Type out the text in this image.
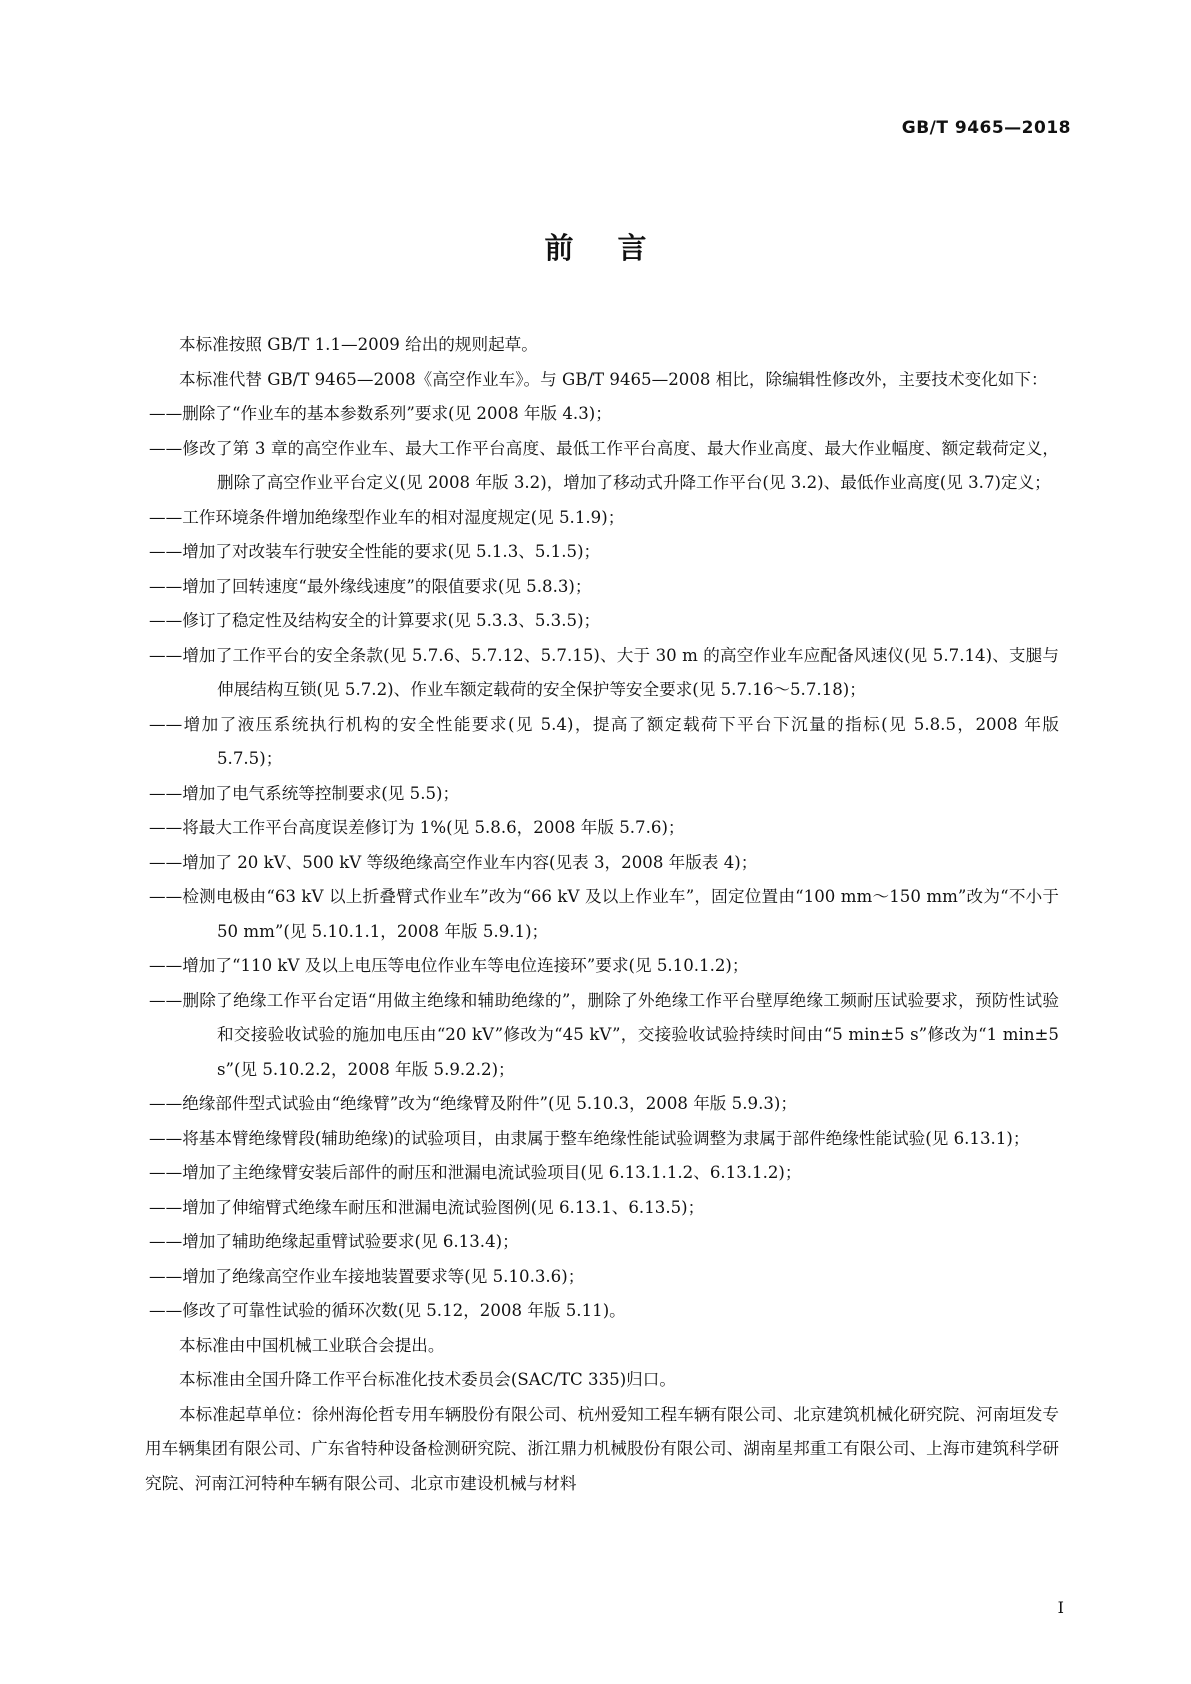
GB/T 9465—2018
前言

本标准按照 GB/T 1.1—2009 给出的规则起草。

本标准代替 GB/T 9465—2008《高空作业车》。与 GB/T 9465—2008 相比，除编辑性修改外，主要技术变化如下：

——删除了“作业车的基本参数系列”要求(见 2008 年版 4.3)；

——修改了第 3 章的高空作业车、最大工作平台高度、最低工作平台高度、最大作业高度、最大作业幅度、额定载荷定义，删除了高空作业平台定义(见 2008 年版 3.2)，增加了移动式升降工作平台(见 3.2)、最低作业高度(见 3.7)定义；

——工作环境条件增加绝缘型作业车的相对湿度规定(见 5.1.9)；

——增加了对改装车行驶安全性能的要求(见 5.1.3、5.1.5)；

——增加了回转速度“最外缘线速度”的限值要求(见 5.8.3)；

——修订了稳定性及结构安全的计算要求(见 5.3.3、5.3.5)；

——增加了工作平台的安全条款(见 5.7.6、5.7.12、5.7.15)、大于 30 m 的高空作业车应配备风速仪(见 5.7.14)、支腿与伸展结构互锁(见 5.7.2)、作业车额定载荷的安全保护等安全要求(见 5.7.16～5.7.18)；

——增加了液压系统执行机构的安全性能要求(见 5.4)，提高了额定载荷下平台下沉量的指标(见 5.8.5，2008 年版 5.7.5)；

——增加了电气系统等控制要求(见 5.5)；

——将最大工作平台高度误差修订为 1%(见 5.8.6，2008 年版 5.7.6)；

——增加了 20 kV、500 kV 等级绝缘高空作业车内容(见表 3，2008 年版表 4)；

——检测电极由“63 kV 以上折叠臂式作业车”改为“66 kV 及以上作业车”，固定位置由“100 mm～150 mm”改为“不小于 50 mm”(见 5.10.1.1，2008 年版 5.9.1)；

——增加了“110 kV 及以上电压等电位作业车等电位连接环”要求(见 5.10.1.2)；

——删除了绝缘工作平台定语“用做主绝缘和辅助绝缘的”，删除了外绝缘工作平台壁厚绝缘工频耐压试验要求，预防性试验和交接验收试验的施加电压由“20 kV”修改为“45 kV”，交接验收试验持续时间由“5 min±5 s”修改为“1 min±5 s”(见 5.10.2.2，2008 年版 5.9.2.2)；

——绝缘部件型式试验由“绝缘臂”改为“绝缘臂及附件”(见 5.10.3，2008 年版 5.9.3)；

——将基本臂绝缘臂段(辅助绝缘)的试验项目，由隶属于整车绝缘性能试验调整为隶属于部件绝缘性能试验(见 6.13.1)；

——增加了主绝缘臂安装后部件的耐压和泄漏电流试验项目(见 6.13.1.1.2、6.13.1.2)；

——增加了伸缩臂式绝缘车耐压和泄漏电流试验图例(见 6.13.1、6.13.5)；

——增加了辅助绝缘起重臂试验要求(见 6.13.4)；

——增加了绝缘高空作业车接地装置要求等(见 5.10.3.6)；

——修改了可靠性试验的循环次数(见 5.12，2008 年版 5.11)。

本标准由中国机械工业联合会提出。

本标准由全国升降工作平台标准化技术委员会(SAC/TC 335)归口。

本标准起草单位：徐州海伦哲专用车辆股份有限公司、杭州爱知工程车辆有限公司、北京建筑机械化研究院、河南垣发专用车辆集团有限公司、广东省特种设备检测研究院、浙江鼎力机械股份有限公司、湖南星邦重工有限公司、上海市建筑科学研究院、河南江河特种车辆有限公司、北京市建设机械与材料

I
